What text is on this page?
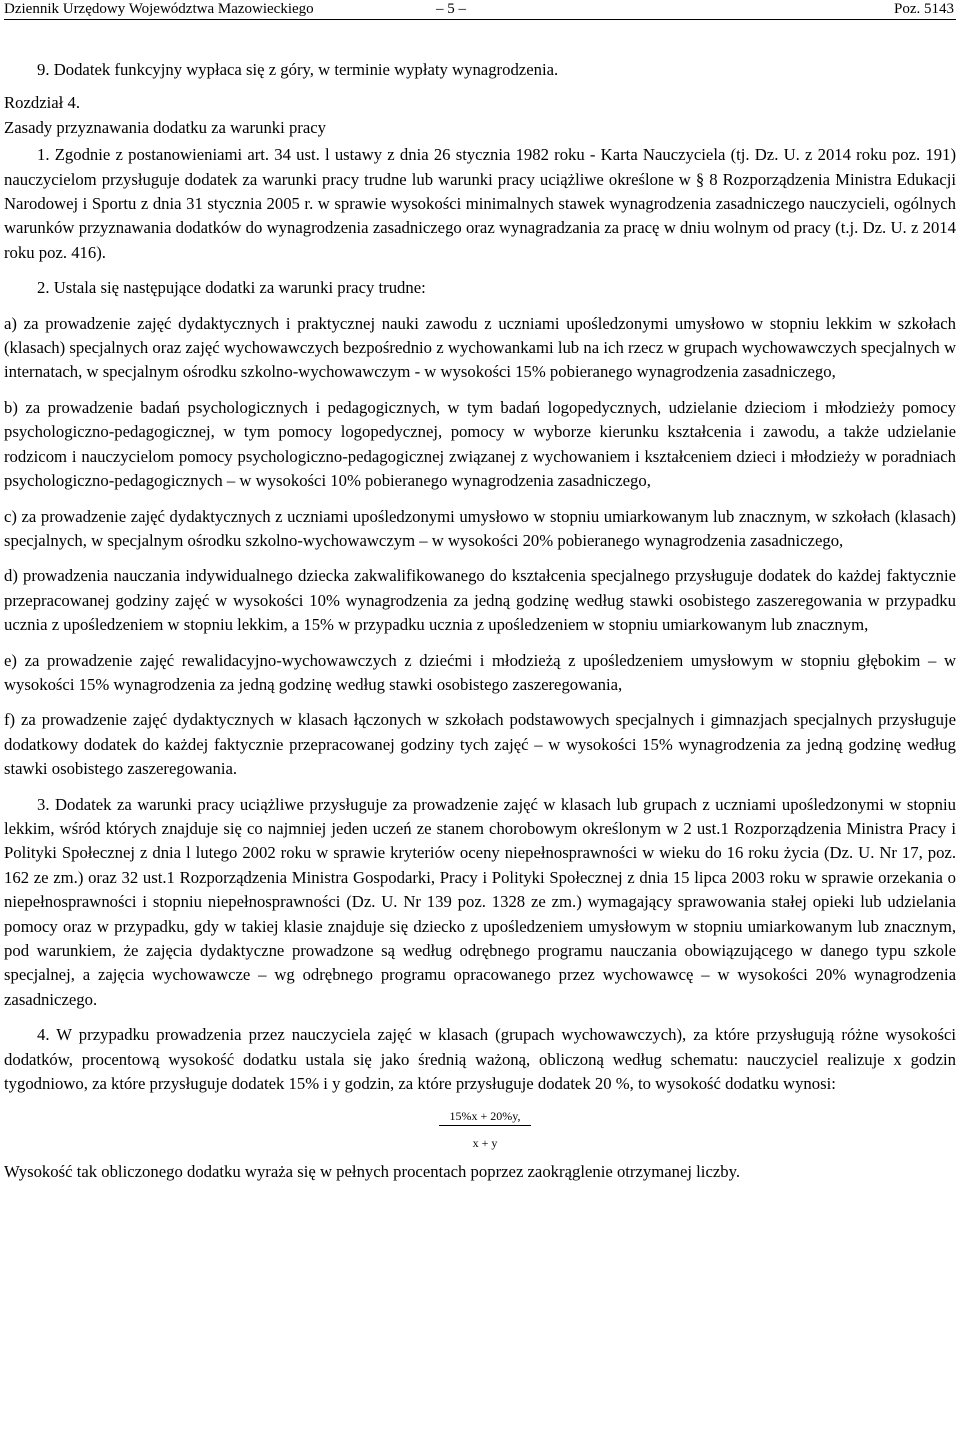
Dziennik Urzędowy Województwa Mazowieckiego	– 5 –	Poz. 5143

9. Dodatek funkcyjny wypłaca się z góry, w terminie wypłaty wynagrodzenia.

Rozdział 4.

Zasady przyznawania dodatku za warunki pracy

1. Zgodnie z postanowieniami art. 34 ust. l ustawy z dnia 26 stycznia 1982 roku - Karta Nauczyciela (tj. Dz. U. z 2014 roku poz. 191) nauczycielom przysługuje dodatek za warunki pracy trudne lub warunki pracy uciążliwe określone w § 8 Rozporządzenia Ministra Edukacji Narodowej i Sportu z dnia 31 stycznia 2005 r. w sprawie wysokości minimalnych stawek wynagrodzenia zasadniczego nauczycieli, ogólnych warunków przyznawania dodatków do wynagrodzenia zasadniczego oraz wynagradzania za pracę w dniu wolnym od pracy (t.j. Dz. U. z 2014 roku poz. 416).

2. Ustala się następujące dodatki za warunki pracy trudne:

a) za prowadzenie zajęć dydaktycznych i praktycznej nauki zawodu z uczniami upośledzonymi umysłowo w stopniu lekkim w szkołach (klasach) specjalnych oraz zajęć wychowawczych bezpośrednio z wychowankami lub na ich rzecz w grupach wychowawczych specjalnych w internatach, w specjalnym ośrodku szkolno-wychowawczym - w wysokości 15% pobieranego wynagrodzenia zasadniczego,

b) za prowadzenie badań psychologicznych i pedagogicznych, w tym badań logopedycznych, udzielanie dzieciom i młodzieży pomocy psychologiczno-pedagogicznej, w tym pomocy logopedycznej, pomocy w wyborze kierunku kształcenia i zawodu, a także udzielanie rodzicom i nauczycielom pomocy psychologiczno-pedagogicznej związanej z wychowaniem i kształceniem dzieci i młodzieży w poradniach psychologiczno-pedagogicznych – w wysokości 10% pobieranego wynagrodzenia zasadniczego,

c) za prowadzenie zajęć dydaktycznych z uczniami upośledzonymi umysłowo w stopniu umiarkowanym lub znacznym, w szkołach (klasach) specjalnych, w specjalnym ośrodku szkolno-wychowawczym – w wysokości 20% pobieranego wynagrodzenia zasadniczego,

d) prowadzenia nauczania indywidualnego dziecka zakwalifikowanego do kształcenia specjalnego przysługuje dodatek do każdej faktycznie przepracowanej godziny zajęć w wysokości 10% wynagrodzenia za jedną godzinę według stawki osobistego zaszeregowania w przypadku ucznia z upośledzeniem w stopniu lekkim, a 15% w przypadku ucznia z upośledzeniem w stopniu umiarkowanym lub znacznym,

e) za prowadzenie zajęć rewalidacyjno-wychowawczych z dziećmi i młodzieżą z upośledzeniem umysłowym w stopniu głębokim – w wysokości 15% wynagrodzenia za jedną godzinę według stawki osobistego zaszeregowania,

f) za prowadzenie zajęć dydaktycznych w klasach łączonych w szkołach podstawowych specjalnych i gimnazjach specjalnych przysługuje dodatkowy dodatek do każdej faktycznie przepracowanej godziny tych zajęć – w wysokości 15% wynagrodzenia za jedną godzinę według stawki osobistego zaszeregowania.

3. Dodatek za warunki pracy uciążliwe przysługuje za prowadzenie zajęć w klasach lub grupach z uczniami upośledzonymi w stopniu lekkim, wśród których znajduje się co najmniej jeden uczeń ze stanem chorobowym określonym w 2 ust.1 Rozporządzenia Ministra Pracy i Polityki Społecznej z dnia l lutego 2002 roku w sprawie kryteriów oceny niepełnosprawności w wieku do 16 roku życia (Dz. U. Nr 17, poz. 162 ze zm.) oraz 32 ust.1 Rozporządzenia Ministra Gospodarki, Pracy i Polityki Społecznej z dnia 15 lipca 2003 roku w sprawie orzekania o niepełnosprawności i stopniu niepełnosprawności (Dz. U. Nr 139 poz. 1328 ze zm.) wymagający sprawowania stałej opieki lub udzielania pomocy oraz w przypadku, gdy w takiej klasie znajduje się dziecko z upośledzeniem umysłowym w stopniu umiarkowanym lub znacznym, pod warunkiem, że zajęcia dydaktyczne prowadzone są według odrębnego programu nauczania obowiązującego w danego typu szkole specjalnej, a zajęcia wychowawcze – wg odrębnego programu opracowanego przez wychowawcę – w wysokości 20% wynagrodzenia zasadniczego.

4. W przypadku prowadzenia przez nauczyciela zajęć w klasach (grupach wychowawczych), za które przysługują różne wysokości dodatków, procentową wysokość dodatku ustala się jako średnią ważoną, obliczoną według schematu: nauczyciel realizuje x godzin tygodniowo, za które przysługuje dodatek 15% i y godzin, za które przysługuje dodatek 20 %, to wysokość dodatku wynosi:

15%x + 20%y,
x + y

Wysokość tak obliczonego dodatku wyraża się w pełnych procentach poprzez zaokrąglenie otrzymanej liczby.
